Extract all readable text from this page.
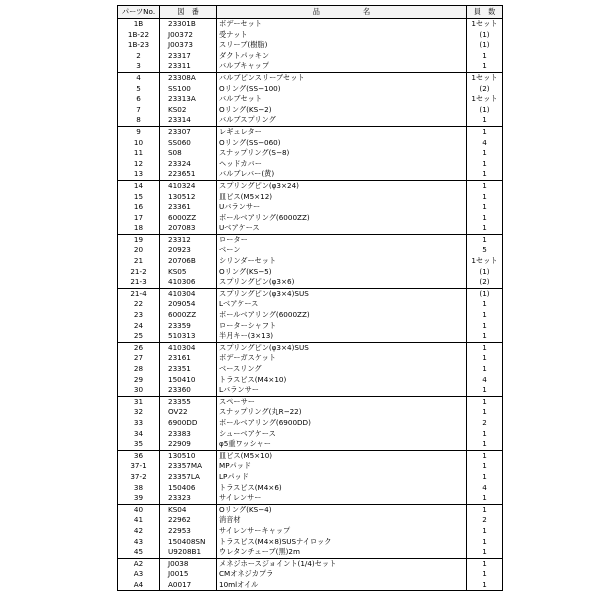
パーツNo.	図　番	品　　　　　　名	員　数
1B	23301B	ボデーセット	1セット
1B-22	J00372	受ナット	(1)
1B-23	J00373	スリーブ(樹脂)	(1)
2	23317	ダクトパッキン	1
3	23311	バルブキャップ	1
4	23308A	バルブピンスリーブセット	1セット
5	SS100	Oリング(SS−100)	(2)
6	23313A	バルブセット	1セット
7	KS02	Oリング(KS−2)	(1)
8	23314	バルブスプリング	1
9	23307	レギュレター	1
10	SS060	Oリング(SS−060)	4
11	S08	スナップリング(S−8)	1
12	23324	ヘッドカバー	1
13	223651	バルブレバー(黄)	1
14	410324	スプリングピン(φ3×24)	1
15	130512	皿ビス(M5×12)	1
16	23361	Uバランサー	1
17	6000ZZ	ボールベアリング(6000ZZ)	1
18	207083	Uベアケース	1
19	23312	ローター	1
20	20923	ベーン	5
21	20706B	シリンダーセット	1セット
21-2	KS05	Oリング(KS−5)	(1)
21-3	410306	スプリングピン(φ3×6)	(2)
21-4	410304	スプリングピン(φ3×4)SUS	(1)
22	209054	Lベアケース	1
23	6000ZZ	ボールベアリング(6000ZZ)	1
24	23359	ローターシャフト	1
25	510313	半月キー(3×13)	1
26	410304	スプリングピン(φ3×4)SUS	1
27	23161	ボデーガスケット	1
28	23351	ベースリング	1
29	150410	トラスビス(M4×10)	4
30	23360	Lバランサー	1
31	23355	スペーサー	1
32	OV22	スナップリング(丸R−22)	1
33	6900DD	ボールベアリング(6900DD)	2
34	23383	シューベアケース	1
35	22909	φ5重ワッシャー	1
36	130510	皿ビス(M5×10)	1
37-1	23357MA	MPパッド	1
37-2	23357LA	LPパッド	1
38	150406	トラスビス(M4×6)	4
39	23323	サイレンサー	1
40	KS04	Oリング(KS−4)	1
41	22962	消音材	2
42	22953	サイレンサーキャップ	1
43	150408SN	トラスビス(M4×8)SUSナイロック	1
45	U9208B1	ウレタンチューブ(黒)2m	1
A2	J0038	メネジホースジョイント(1/4)セット	1
A3	J0015	CMオネジカプラ	1
A4	A0017	10mlオイル	1
